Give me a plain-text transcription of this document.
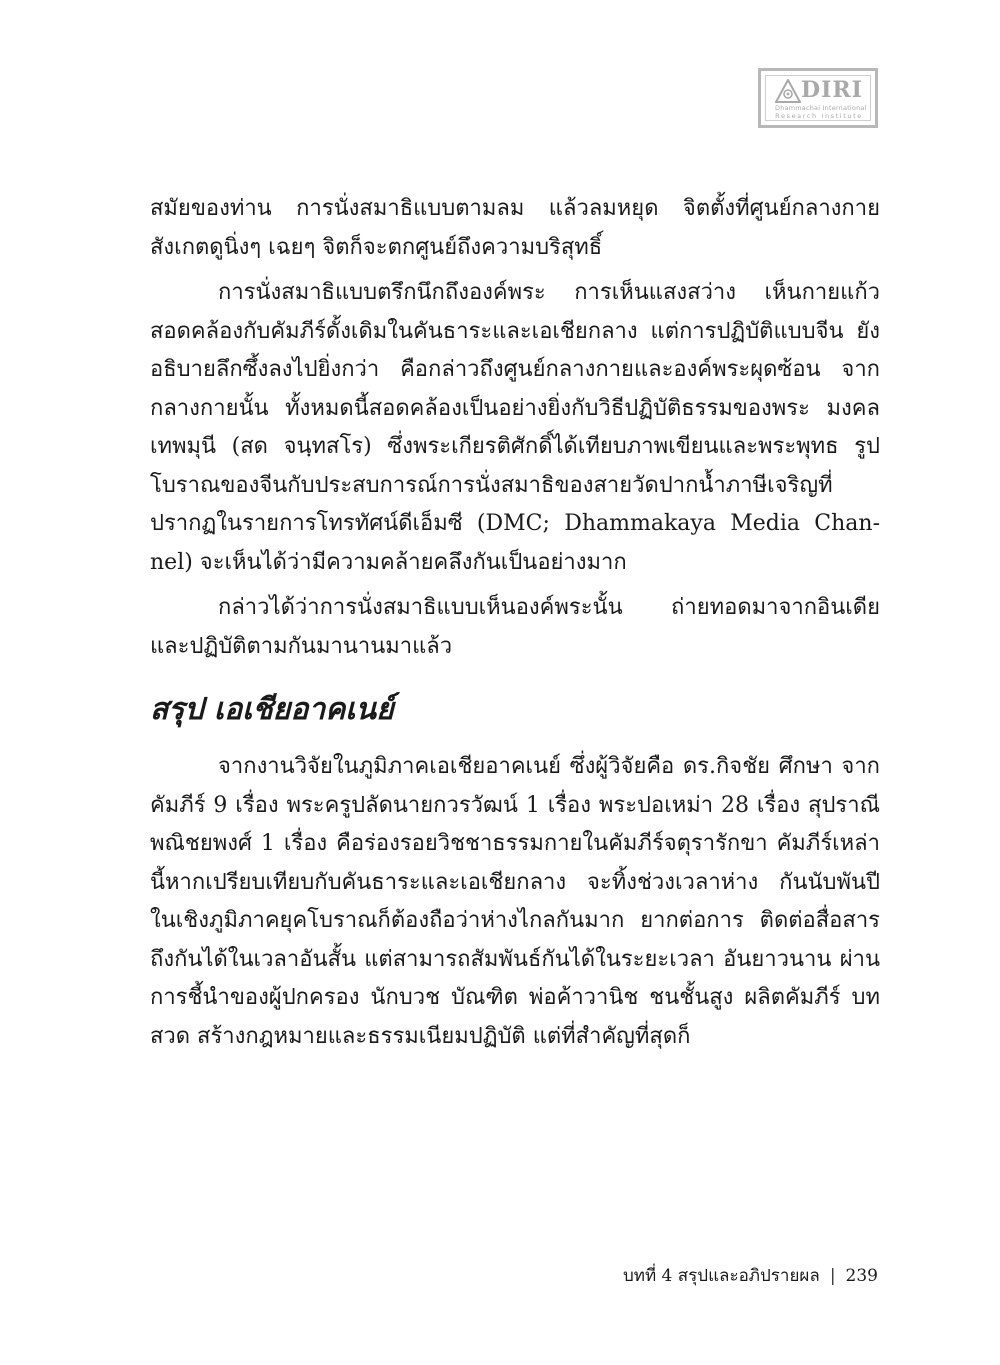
DIRI
Dhammachai International
Research Institute

สมัยของท่าน การนั่งสมาธิแบบตามลม แล้วลมหยุด จิตตั้งที่ศูนย์กลางกาย สังเกตดูนิ่งๆ เฉยๆ จิตก็จะตกศูนย์ถึงความบริสุทธิ์

การนั่งสมาธิแบบตรึกนึกถึงองค์พระ การเห็นแสงสว่าง เห็นกายแก้ว สอดคล้องกับคัมภีร์ดั้งเดิมในคันธาระและเอเชียกลาง แต่การปฏิบัติแบบจีน ยังอธิบายลึกซึ้งลงไปยิ่งกว่า คือกล่าวถึงศูนย์กลางกายและองค์พระผุดซ้อน จากกลางกายนั้น ทั้งหมดนี้สอดคล้องเป็นอย่างยิ่งกับวิธีปฏิบัติธรรมของพระ มงคลเทพมุนี (สด จนฺทสโร) ซึ่งพระเกียรติศักดิ์ได้เทียบภาพเขียนและพระพุทธ รูปโบราณของจีนกับประสบการณ์การนั่งสมาธิของสายวัดปากน้ำภาษีเจริญที่ ปรากฏในรายการโทรทัศน์ดีเอ็มซี (DMC; Dhammakaya Media Chan- nel) จะเห็นได้ว่ามีความคล้ายคลึงกันเป็นอย่างมาก

กล่าวได้ว่าการนั่งสมาธิแบบเห็นองค์พระนั้น ถ่ายทอดมาจากอินเดีย และปฏิบัติตามกันมานานมาแล้ว

สรุป เอเชียอาคเนย์

จากงานวิจัยในภูมิภาคเอเชียอาคเนย์ ซึ่งผู้วิจัยคือ ดร.กิจชัย ศึกษา จากคัมภีร์ 9 เรื่อง พระครูปลัดนายกวรวัฒน์ 1 เรื่อง พระปอเหม่า 28 เรื่อง สุปราณี พณิชยพงศ์ 1 เรื่อง คือร่องรอยวิชชาธรรมกายในคัมภีร์จตุรารักขา คัมภีร์เหล่านี้หากเปรียบเทียบกับคันธาระและเอเชียกลาง จะทิ้งช่วงเวลาห่าง กันนับพันปี ในเชิงภูมิภาคยุคโบราณก็ต้องถือว่าห่างไกลกันมาก ยากต่อการ ติดต่อสื่อสารถึงกันได้ในเวลาอันสั้น แต่สามารถสัมพันธ์กันได้ในระยะเวลา อันยาวนาน ผ่านการชี้นำของผู้ปกครอง นักบวช บัณฑิต พ่อค้าวานิช ชนชั้นสูง ผลิตคัมภีร์ บทสวด สร้างกฎหมายและธรรมเนียมปฏิบัติ แต่ที่สำคัญที่สุดก็

บทที่ 4 สรุปและอภิปรายผล | 239
